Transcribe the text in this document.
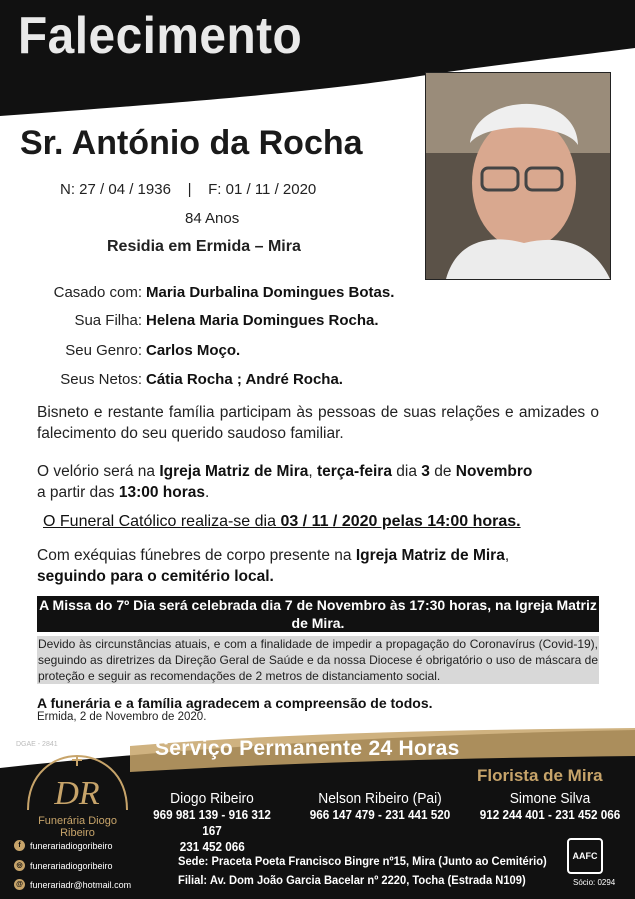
Falecimento
Sr. António da Rocha
N: 27 / 04 / 1936    |    F: 01 / 11 / 2020
84 Anos
Residia em Ermida – Mira
Casado com: Maria Durbalina Domingues Botas.
Sua Filha: Helena Maria Domingues Rocha.
Seu Genro: Carlos Moço.
Seus Netos: Cátia Rocha ; André Rocha.
Bisneto e restante família participam às pessoas de suas relações e amizades o falecimento do seu querido saudoso familiar.
O velório será na Igreja Matriz de Mira, terça-feira dia 3 de Novembro
a partir das 13:00 horas.
O Funeral Católico realiza-se dia 03 / 11 / 2020 pelas 14:00 horas.
Com exéquias fúnebres de corpo presente na Igreja Matriz de Mira,
seguindo para o cemitério local.
A Missa do 7º Dia será celebrada dia 7 de Novembro às 17:30 horas, na Igreja Matriz de Mira.
Devido às circunstâncias atuais, e com a finalidade de impedir a propagação do Coronavírus (Covid-19), seguindo as diretrizes da Direção Geral de Saúde e da nossa Diocese é obrigatório o uso de máscara de proteção e seguir as recomendações de 2 metros de distanciamento social.
A funerária e a família agradecem a compreensão de todos.
Ermida, 2 de Novembro de 2020.
DGAE - 2841	Serviço Permanente 24 Horas
Florista de Mira
DR
Funerária Diogo Ribeiro
f	funerariadiogoribeiro
◎ funerariadiogoribeiro
@ funerariadr@hotmail.com
Diogo Ribeiro
969 981 139 - 916 312 167
231 452 066
Nelson Ribeiro (Pai)
966 147 479 - 231 441 520
Simone Silva
912 244 401 - 231 452 066
Sede: Praceta Poeta Francisco Bingre nº15, Mira (Junto ao Cemitério)
Filial: Av. Dom João Garcia Bacelar nº 2220, Tocha (Estrada N109)
AAFC
Sócio: 0294
